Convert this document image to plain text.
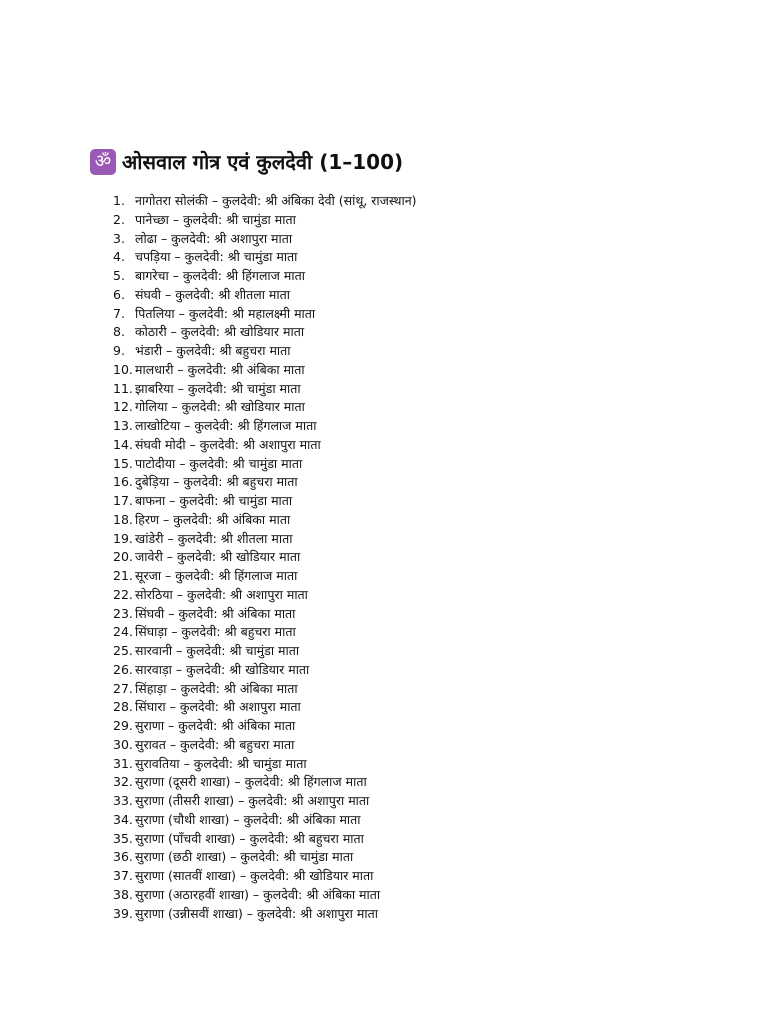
ॐ ओसवाल गोत्र एवं कुलदेवी (1–100)
1. नागोतरा सोलंकी – कुलदेवी: श्री अंबिका देवी (सांथू, राजस्थान)
2. पानेच्छा – कुलदेवी: श्री चामुंडा माता
3. लोढा – कुलदेवी: श्री अशापुरा माता
4. चपड़िया – कुलदेवी: श्री चामुंडा माता
5. बागरेचा – कुलदेवी: श्री हिंगलाज माता
6. संघवी – कुलदेवी: श्री शीतला माता
7. पितलिया – कुलदेवी: श्री महालक्ष्मी माता
8. कोठारी – कुलदेवी: श्री खोडियार माता
9. भंडारी – कुलदेवी: श्री बहुचरा माता
10. मालधारी – कुलदेवी: श्री अंबिका माता
11. झाबरिया – कुलदेवी: श्री चामुंडा माता
12. गोलिया – कुलदेवी: श्री खोडियार माता
13. लाखोटिया – कुलदेवी: श्री हिंगलाज माता
14. संघवी मोदी – कुलदेवी: श्री अशापुरा माता
15. पाटोदीया – कुलदेवी: श्री चामुंडा माता
16. दुबेड़िया – कुलदेवी: श्री बहुचरा माता
17. बाफना – कुलदेवी: श्री चामुंडा माता
18. हिरण – कुलदेवी: श्री अंबिका माता
19. खांडेरी – कुलदेवी: श्री शीतला माता
20. जावेरी – कुलदेवी: श्री खोडियार माता
21. सूरजा – कुलदेवी: श्री हिंगलाज माता
22. सोरठिया – कुलदेवी: श्री अशापुरा माता
23. सिंघवी – कुलदेवी: श्री अंबिका माता
24. सिंघाड़ा – कुलदेवी: श्री बहुचरा माता
25. सारवानी – कुलदेवी: श्री चामुंडा माता
26. सारवाड़ा – कुलदेवी: श्री खोडियार माता
27. सिंहाड़ा – कुलदेवी: श्री अंबिका माता
28. सिंघारा – कुलदेवी: श्री अशापुरा माता
29. सुराणा – कुलदेवी: श्री अंबिका माता
30. सुरावत – कुलदेवी: श्री बहुचरा माता
31. सुरावतिया – कुलदेवी: श्री चामुंडा माता
32. सुराणा (दूसरी शाखा) – कुलदेवी: श्री हिंगलाज माता
33. सुराणा (तीसरी शाखा) – कुलदेवी: श्री अशापुरा माता
34. सुराणा (चौथी शाखा) – कुलदेवी: श्री अंबिका माता
35. सुराणा (पाँचवी शाखा) – कुलदेवी: श्री बहुचरा माता
36. सुराणा (छठी शाखा) – कुलदेवी: श्री चामुंडा माता
37. सुराणा (सातवीं शाखा) – कुलदेवी: श्री खोडियार माता
38. सुराणा (अठारहवीं शाखा) – कुलदेवी: श्री अंबिका माता
39. सुराणा (उन्नीसवीं शाखा) – कुलदेवी: श्री अशापुरा माता
